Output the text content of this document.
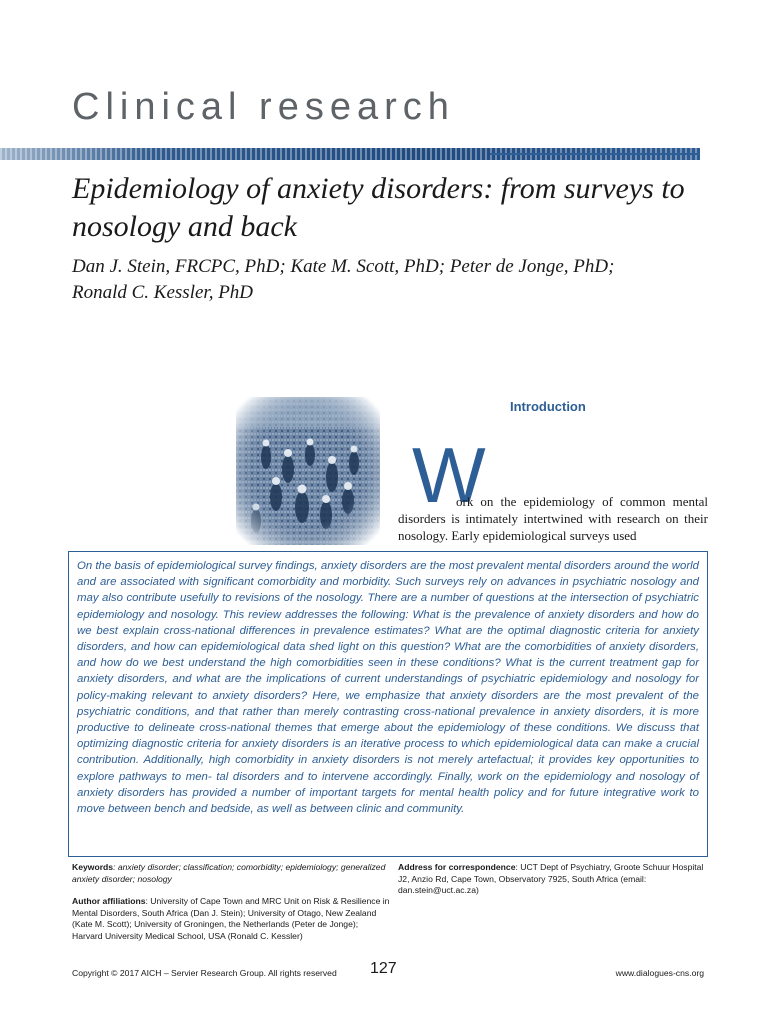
Clinical research
Epidemiology of anxiety disorders: from surveys to nosology and back
Dan J. Stein, FRCPC, PhD; Kate M. Scott, PhD; Peter de Jonge, PhD;
Ronald C. Kessler, PhD
Introduction
W
ork on the epidemiology of common mental disorders is intimately intertwined with research on their nosology. Early epidemiological surveys used

On the basis of epidemiological survey findings, anxiety disorders are the most prevalent mental disorders around the world and are associated with significant comorbidity and morbidity. Such surveys rely on advances in psychiatric nosology and may also contribute usefully to revisions of the nosology. There are a number of questions at the intersection of psychiatric epidemiology and nosology. This review addresses the following: What is the prevalence of anxiety disorders and how do we best explain cross-national differences in prevalence estimates? What are the optimal diagnostic criteria for anxiety disorders, and how can epidemiological data shed light on this question? What are the comorbidities of anxiety disorders, and how do we best understand the high comorbidities seen in these conditions? What is the current treatment gap for anxiety disorders, and what are the implications of current understandings of psychiatric epidemiology and nosology for policy-making relevant to anxiety disorders? Here, we emphasize that anxiety disorders are the most prevalent of the psychiatric conditions, and that rather than merely contrasting cross-national prevalence in anxiety disorders, it is more productive to delineate cross-national themes that emerge about the epidemiology of these conditions. We discuss that optimizing diagnostic criteria for anxiety disorders is an iterative process to which epidemiological data can make a crucial contribution. Additionally, high comorbidity in anxiety disorders is not merely artefactual; it provides key opportunities to explore pathways to men- tal disorders and to intervene accordingly. Finally, work on the epidemiology and nosology of anxiety disorders has provided a number of important targets for mental health policy and for future integrative work to move between bench and bedside, as well as between clinic and community.

Keywords: anxiety disorder; classification; comorbidity; epidemiology; generalized anxiety disorder; nosology
Author affiliations: University of Cape Town and MRC Unit on Risk & Resilience in Mental Disorders, South Africa (Dan J. Stein); University of Otago, New Zealand (Kate M. Scott); University of Groningen, the Netherlands (Peter de Jonge); Harvard University Medical School, USA (Ronald C. Kessler)
Address for correspondence: UCT Dept of Psychiatry, Groote Schuur Hospital J2, Anzio Rd, Cape Town, Observatory 7925, South Africa (email: dan.stein@uct.ac.za)
Copyright © 2017 AICH – Servier Research Group. All rights reserved 127	www.dialogues-cns.org
